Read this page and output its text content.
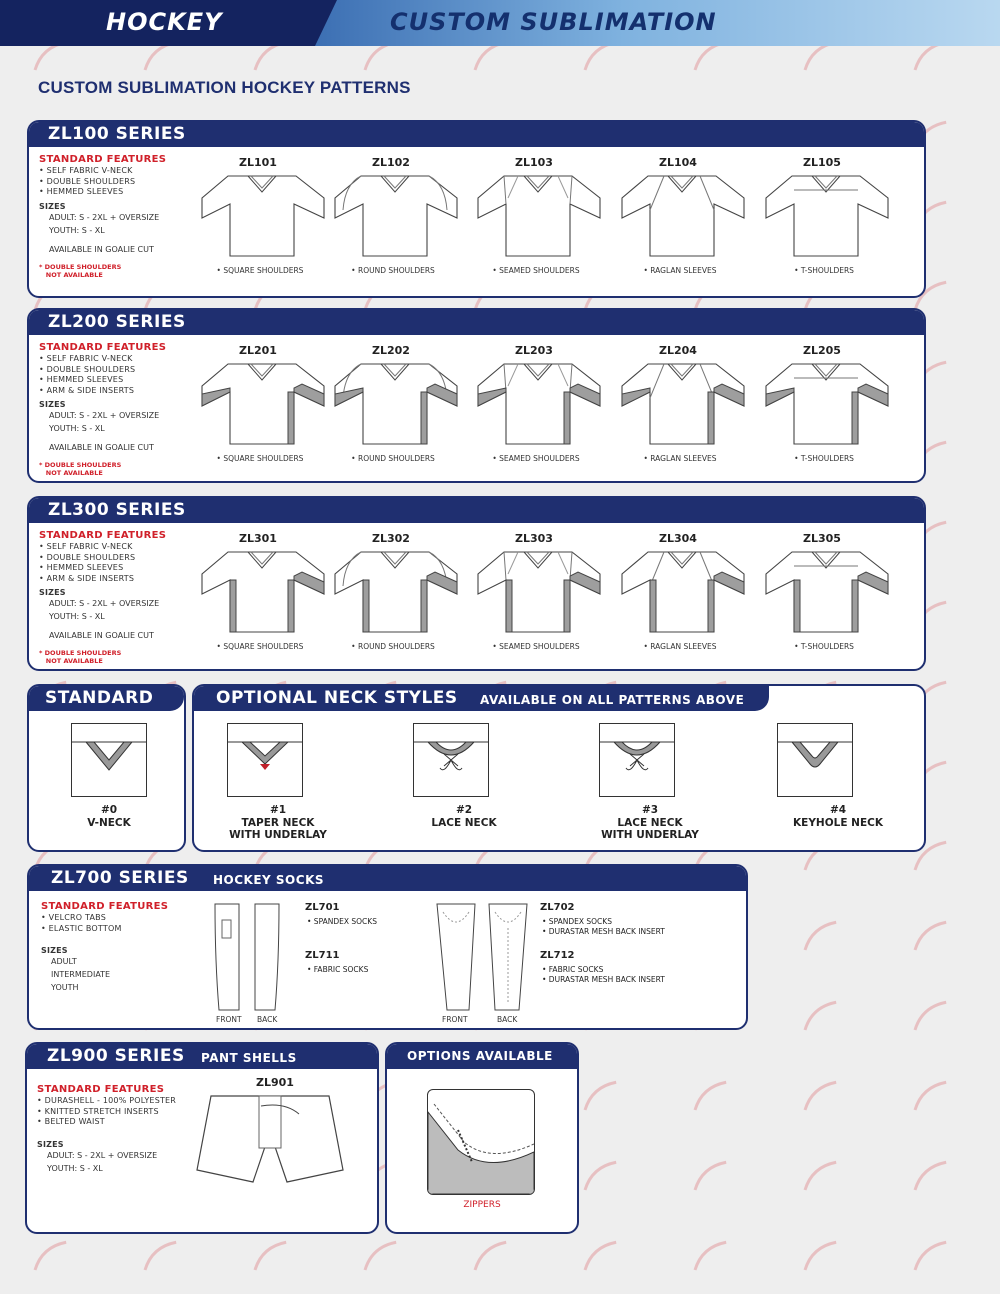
HOCKEY	CUSTOM SUBLIMATION
CUSTOM SUBLIMATION HOCKEY PATTERNS
ZL100 SERIES
STANDARD FEATURES
• SELF FABRIC V-NECK
• DOUBLE SHOULDERS
• HEMMED SLEEVES
SIZES
ADULT: S - 2XL + OVERSIZE
YOUTH: S - XL
AVAILABLE IN GOALIE CUT
* DOUBLE SHOULDERS
NOT AVAILABLE
ZL101
• SQUARE SHOULDERS
ZL102
• ROUND SHOULDERS
ZL103
• SEAMED SHOULDERS
ZL104
• RAGLAN SLEEVES
ZL105
• T-SHOULDERS
ZL200 SERIES
STANDARD FEATURES
• SELF FABRIC V-NECK
• DOUBLE SHOULDERS
• HEMMED SLEEVES
• ARM & SIDE INSERTS
SIZES
ADULT: S - 2XL + OVERSIZE
YOUTH: S - XL
AVAILABLE IN GOALIE CUT
* DOUBLE SHOULDERS
NOT AVAILABLE
ZL201
• SQUARE SHOULDERS
ZL202
• ROUND SHOULDERS
ZL203
• SEAMED SHOULDERS
ZL204
• RAGLAN SLEEVES
ZL205
• T-SHOULDERS
ZL300 SERIES
STANDARD FEATURES
• SELF FABRIC V-NECK
• DOUBLE SHOULDERS
• HEMMED SLEEVES
• ARM & SIDE INSERTS
SIZES
ADULT: S - 2XL + OVERSIZE
YOUTH: S - XL
AVAILABLE IN GOALIE CUT
* DOUBLE SHOULDERS
NOT AVAILABLE
ZL301
• SQUARE SHOULDERS
ZL302
• ROUND SHOULDERS
ZL303
• SEAMED SHOULDERS
ZL304
• RAGLAN SLEEVES
ZL305
• T-SHOULDERS
STANDARD
#0
V-NECK
OPTIONAL NECK STYLES AVAILABLE ON ALL PATTERNS ABOVE
#1
TAPER NECK
WITH UNDERLAY
#2
LACE NECK
#3
LACE NECK
WITH UNDERLAY
#4
KEYHOLE NECK
ZL700 SERIES HOCKEY SOCKS
STANDARD FEATURES
• VELCRO TABS
• ELASTIC BOTTOM
SIZES
ADULT
INTERMEDIATE
YOUTH
FRONT BACK	FRONT	BACK
ZL701
• SPANDEX SOCKS
ZL711
• FABRIC SOCKS
ZL702
• SPANDEX SOCKS
• DURASTAR MESH BACK INSERT
ZL712
• FABRIC SOCKS
• DURASTAR MESH BACK INSERT
ZL900 SERIES PANT SHELLS
ZL901
STANDARD FEATURES
• DURASHELL - 100% POLYESTER
• KNITTED STRETCH INSERTS
• BELTED WAIST
SIZES
ADULT: S - 2XL + OVERSIZE
YOUTH: S - XL
OPTIONS AVAILABLE
ZIPPERS
